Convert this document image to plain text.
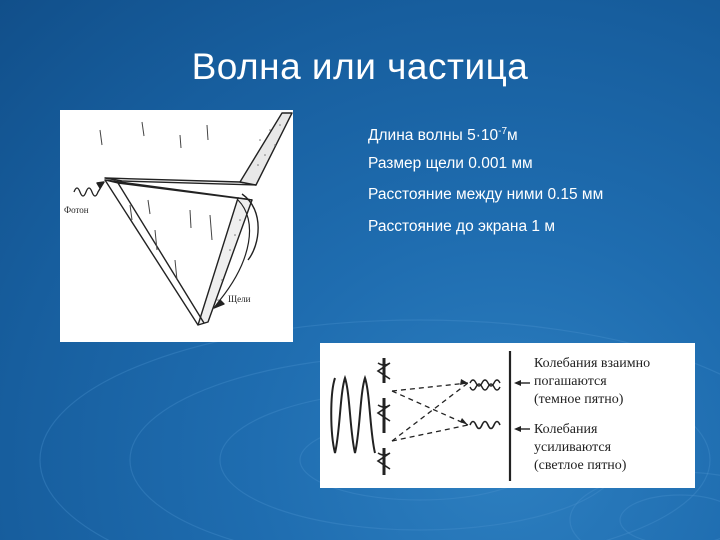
Волна или частица
Длина волны $5\cdot 10^{-7}м$
Размер щели 0.001 мм
Расстояние между ними 0.15 мм
Расстояние до экрана 1 м
Фотон
Щели
Колебания взаимно
погашаются
(темное пятно)
Колебания
усиливаются
(светлое пятно)
